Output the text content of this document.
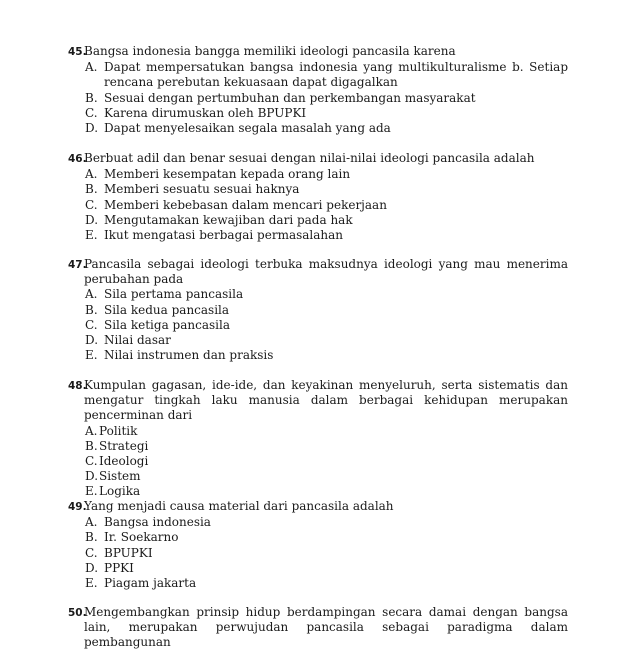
45.
Bangsa indonesia bangga memiliki ideologi pancasila karena
A. Dapat mempersatukan bangsa indonesia yang multikulturalisme b. Setiap rencana perebutan kekuasaan dapat digagalkan
B. Sesuai dengan pertumbuhan dan perkembangan masyarakat
C. Karena dirumuskan oleh BPUPKI
D. Dapat menyelesaikan segala masalah yang ada
46.
Berbuat adil dan benar sesuai dengan nilai-nilai ideologi pancasila adalah
A. Memberi kesempatan kepada orang lain
B. Memberi sesuatu sesuai haknya
C. Memberi kebebasan dalam mencari pekerjaan
D. Mengutamakan kewajiban dari pada hak
E. Ikut mengatasi berbagai permasalahan
47.
Pancasila sebagai ideologi terbuka maksudnya ideologi yang mau menerima perubahan pada
A. Sila pertama pancasila
B. Sila kedua pancasila
C. Sila ketiga pancasila
D. Nilai dasar
E. Nilai instrumen dan praksis
48.
Kumpulan gagasan, ide-ide, dan keyakinan menyeluruh, serta sistematis dan mengatur tingkah laku manusia dalam berbagai kehidupan merupakan pencerminan dari
A. Politik
B. Strategi
C. Ideologi
D. Sistem
E. Logika
49.
Yang menjadi causa material dari pancasila adalah
A. Bangsa indonesia
B. Ir. Soekarno
C. BPUPKI
D. PPKI
E. Piagam jakarta
50.
Mengembangkan prinsip hidup berdampingan secara damai dengan bangsa lain, merupakan perwujudan pancasila sebagai paradigma dalam pembangunan
